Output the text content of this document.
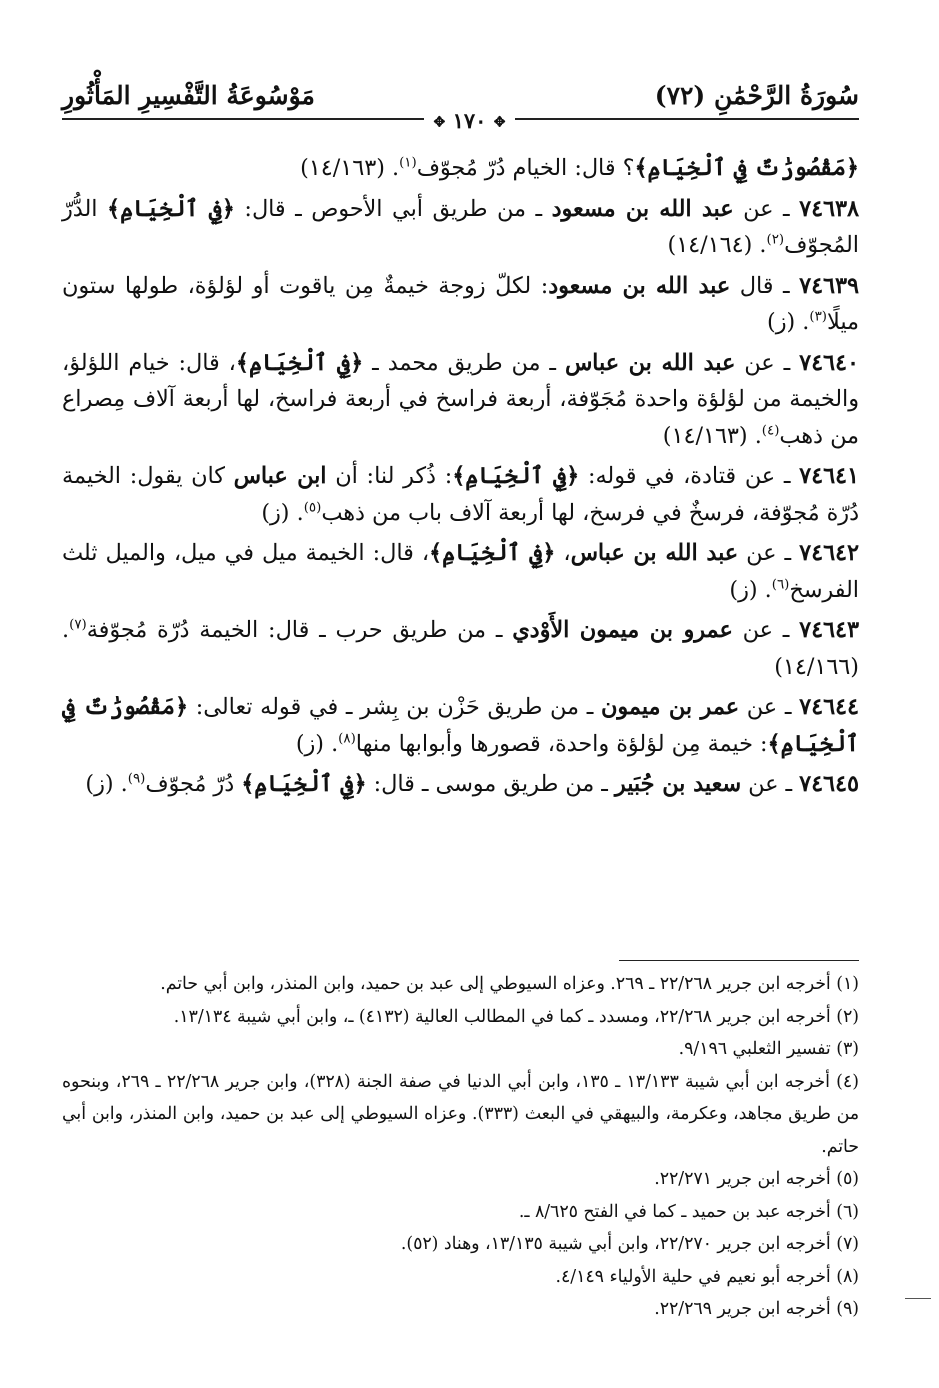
سُورَةُ الرَّحْمَٰنِ (٧٢)
مَوْسُوعَةُ التَّفْسِيرِ المَأْثُورِ
✥ ١٧٠ ✥

﴿مَقْصُورَٰتٌ فِي ٱلْخِيَامِ﴾؟ قال: الخيام دُرّ مُجوّف$^{(١)}$. (١٤/١٦٣)

٧٤٦٣٨ ـ عن عبد الله بن مسعود ـ من طريق أبي الأحوص ـ قال: ﴿فِي ٱلْخِيَامِ﴾ الدُّرّ المُجوّف$^{(٢)}$. (١٤/١٦٤)

٧٤٦٣٩ ـ قال عبد الله بن مسعود: لكلّ زوجة خيمةٌ مِن ياقوت أو لؤلؤة، طولها ستون ميلًا$^{(٣)}$. (ز)

٧٤٦٤٠ ـ عن عبد الله بن عباس ـ من طريق محمد ـ ﴿فِي ٱلْخِيَامِ﴾، قال: خيام اللؤلؤ، والخيمة من لؤلؤة واحدة مُجَوّفة، أربعة فراسخ في أربعة فراسخ، لها أربعة آلاف مِصراع من ذهب$^{(٤)}$. (١٤/١٦٣)

٧٤٦٤١ ـ عن قتادة، في قوله: ﴿فِي ٱلْخِيَامِ﴾: ذُكر لنا: أن ابن عباس كان يقول: الخيمة دُرّة مُجوّفة، فرسخٌ في فرسخ، لها أربعة آلاف باب من ذهب$^{(٥)}$. (ز)

٧٤٦٤٢ ـ عن عبد الله بن عباس، ﴿فِي ٱلْخِيَامِ﴾، قال: الخيمة ميل في ميل، والميل ثلث الفرسخ$^{(٦)}$. (ز)

٧٤٦٤٣ ـ عن عمرو بن ميمون الأَوْدي ـ من طريق حرب ـ قال: الخيمة دُرّة مُجوّفة$^{(٧)}$. (١٤/١٦٦)

٧٤٦٤٤ ـ عن عمر بن ميمون ـ من طريق حَزْن بن بِشر ـ في قوله تعالى: ﴿مَقْصُورَٰتٌ فِي ٱلْخِيَامِ﴾: خيمة مِن لؤلؤة واحدة، قصورها وأبوابها منها$^{(٨)}$. (ز)

٧٤٦٤٥ ـ عن سعيد بن جُبَير ـ من طريق موسى ـ قال: ﴿فِي ٱلْخِيَامِ﴾ دُرّ مُجوّف$^{(٩)}$. (ز)

(١) أخرجه ابن جرير ٢٢/٢٦٨ ـ ٢٦٩. وعزاه السيوطي إلى عبد بن حميد، وابن المنذر، وابن أبي حاتم.

(٢) أخرجه ابن جرير ٢٢/٢٦٨، ومسدد ـ كما في المطالب العالية (٤١٣٢) ـ، وابن أبي شيبة ١٣/١٣٤.

(٣) تفسير الثعلبي ٩/١٩٦.

(٤) أخرجه ابن أبي شيبة ١٣/١٣٣ ـ ١٣٥، وابن أبي الدنيا في صفة الجنة (٣٢٨)، وابن جرير ٢٢/٢٦٨ ـ ٢٦٩، وبنحوه من طريق مجاهد، وعكرمة، والبيهقي في البعث (٣٣٣). وعزاه السيوطي إلى عبد بن حميد، وابن المنذر، وابن أبي حاتم.

(٥) أخرجه ابن جرير ٢٢/٢٧١.

(٦) أخرجه عبد بن حميد ـ كما في الفتح ٨/٦٢٥ ـ.

(٧) أخرجه ابن جرير ٢٢/٢٧٠، وابن أبي شيبة ١٣/١٣٥، وهناد (٥٢).

(٨) أخرجه أبو نعيم في حلية الأولياء ٤/١٤٩.

(٩) أخرجه ابن جرير ٢٢/٢٦٩.
